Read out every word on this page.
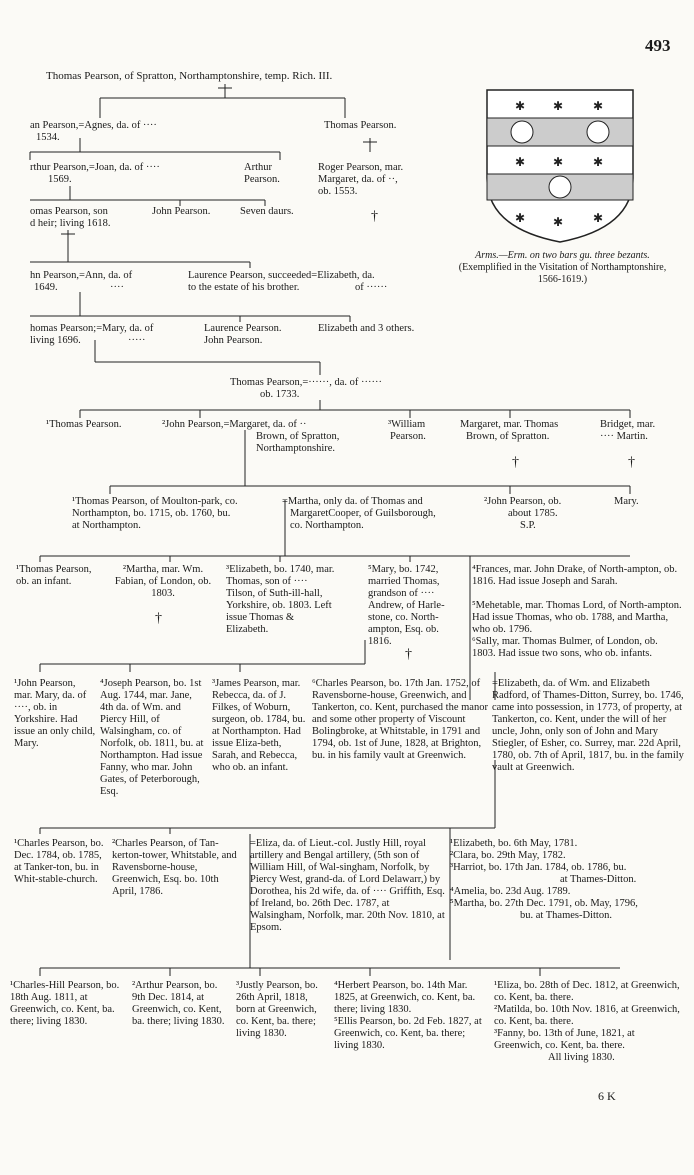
†
†
†
†	†
493
✱ ✱ ✱
✱ ✱ ✱
✱ ✱ ✱
Arms.—Erm. on two bars gu. three bezants.
(Exemplified in the Visitation of Northamptonshire,
1566-1619.)
Thomas Pearson, of Spratton, Northamptonshire, temp. Rich. III.
an Pearson,=Agnes, da. of ····
1534.
Thomas Pearson.
rthur Pearson,=Joan, da. of ····
1569.
Arthur
Pearson.
Roger Pearson, mar.
Margaret, da. of ··,
ob. 1553.
omas Pearson, son
d heir; living 1618.
John Pearson.	Seven daurs.
hn Pearson,=Ann, da. of
1649.	····
Laurence Pearson, succeeded=Elizabeth, da.
to the estate of his brother.	of ······
homas Pearson;=Mary, da. of
living 1696.	·····
Laurence Pearson.
John Pearson.
Elizabeth and 3 others.
Thomas Pearson,=······, da. of ······
ob. 1733.
¹Thomas Pearson.	²John Pearson,=Margaret, da. of ··
Brown, of Spratton,
Northamptonshire.
³William
Pearson.
Margaret, mar. Thomas
Brown, of Spratton.
Bridget, mar.
···· Martin.
¹Thomas Pearson, of Moulton-park, co.
Northampton, bo. 1715, ob. 1760, bu.
at Northampton.
=Martha, only da. of Thomas and
MargaretCooper, of Guilsborough,
co. Northampton.
²John Pearson, ob.
about 1785.
S.P.
Mary.
¹Thomas Pearson, ob. an infant.
²Martha, mar. Wm. Fabian, of London, ob. 1803.
³Elizabeth, bo. 1740, mar. Thomas, son of ···· Tilson, of Suth-ill-hall, Yorkshire, ob. 1803. Left issue Thomas & Elizabeth.
⁵Mary, bo. 1742, married Thomas, grandson of ···· Andrew, of Harle-stone, co. North-ampton, Esq. ob. 1816.
⁴Frances, mar. John Drake, of North-ampton, ob. 1816. Had issue Joseph and Sarah.
⁵Mehetable, mar. Thomas Lord, of North-ampton. Had issue Thomas, who ob. 1788, and Martha, who ob. 1796.
⁶Sally, mar. Thomas Bulmer, of London, ob. 1803. Had issue two sons, who ob. infants.
¹John Pearson, mar. Mary, da. of ····, ob. in Yorkshire. Had issue an only child, Mary.
⁴Joseph Pearson, bo. 1st Aug. 1744, mar. Jane, 4th da. of Wm. and Piercy Hill, of Walsingham, co. of Norfolk, ob. 1811, bu. at Northampton. Had issue Fanny, who mar. John Gates, of Peterborough, Esq.
³James Pearson, mar. Rebecca, da. of J. Filkes, of Woburn, surgeon, ob. 1784, bu. at Northampton. Had issue Eliza-beth, Sarah, and Rebecca, who ob. an infant.
⁶Charles Pearson, bo. 17th Jan. 1752, of Ravensborne-house, Greenwich, and Tankerton, co. Kent, purchased the manor and some other property of Viscount Bolingbroke, at Whitstable, in 1791 and 1794, ob. 1st of June, 1828, at Brighton, bu. in his family vault at Greenwich.
=Elizabeth, da. of Wm. and Elizabeth Radford, of Thames-Ditton, Surrey, bo. 1746, came into possession, in 1773, of property, at Tankerton, co. Kent, under the will of her uncle, John, only son of John and Mary Stiegler, of Esher, co. Surrey, mar. 22d April, 1780, ob. 7th of April, 1817, bu. in the family vault at Greenwich.
¹Charles Pearson, bo. Dec. 1784, ob. 1785, at Tanker-ton, bu. in Whit-stable-church.
²Charles Pearson, of Tan-kerton-tower, Whitstable, and Ravensborne-house, Greenwich, Esq. bo. 10th April, 1786.
=Eliza, da. of Lieut.-col. Justly Hill, royal artillery and Bengal artillery, (5th son of William Hill, of Wal-singham, Norfolk, by Piercy West, grand-da. of Lord Delawarr,) by Dorothea, his 2d wife, da. of ···· Griffith, Esq. of Ireland, bo. 26th Dec. 1787, at Walsingham, Norfolk, mar. 20th Nov. 1810, at Epsom.
¹Elizabeth, bo. 6th May, 1781.
²Clara, bo. 29th May, 1782.
³Harriot, bo. 17th Jan. 1784, ob. 1786, bu.
at Thames-Ditton.
⁴Amelia, bo. 23d Aug. 1789.
⁵Martha, bo. 27th Dec. 1791, ob. May, 1796,
bu. at Thames-Ditton.
¹Charles-Hill Pearson, bo. 18th Aug. 1811, at Greenwich, co. Kent, ba. there; living 1830.
²Arthur Pearson, bo. 9th Dec. 1814, at Greenwich, co. Kent, ba. there; living 1830.
³Justly Pearson, bo. 26th April, 1818, born at Greenwich, co. Kent, ba. there; living 1830.
⁴Herbert Pearson, bo. 14th Mar. 1825, at Greenwich, co. Kent, ba. there; living 1830.
⁵Ellis Pearson, bo. 2d Feb. 1827, at Greenwich, co. Kent, ba. there; living 1830.
¹Eliza, bo. 28th of Dec. 1812, at Greenwich, co. Kent, ba. there.
²Matilda, bo. 10th Nov. 1816, at Greenwich, co. Kent, ba. there.
³Fanny, bo. 13th of June, 1821, at Greenwich, co. Kent, ba. there.
All living 1830.
6 K
